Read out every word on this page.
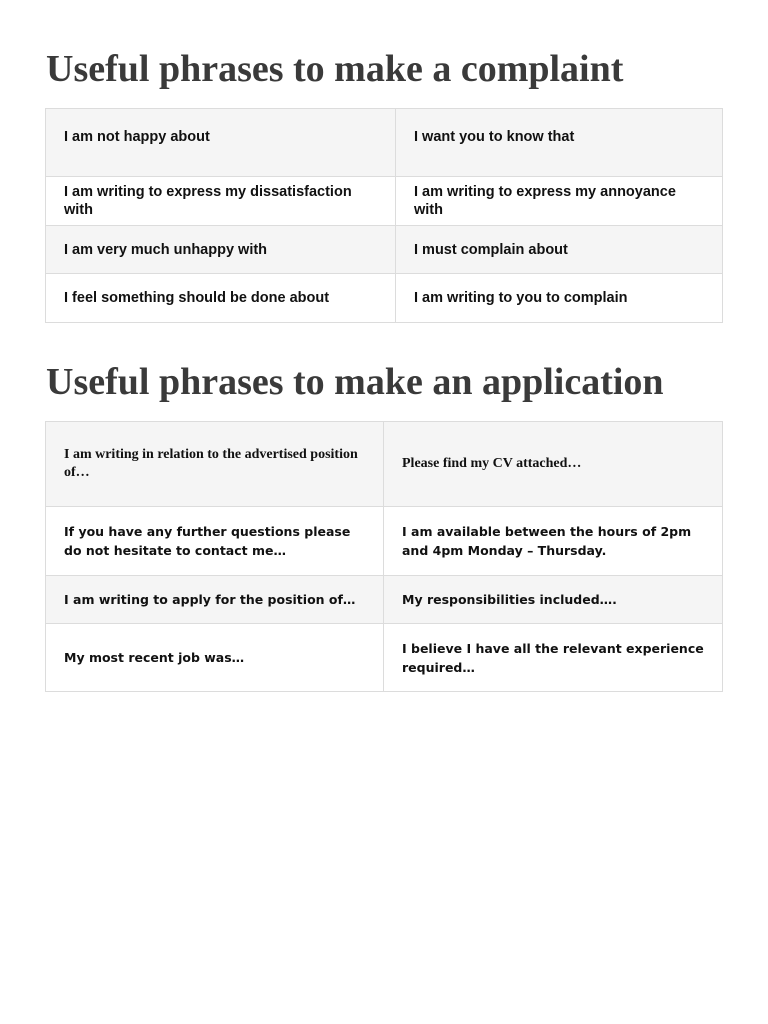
Useful phrases to make a complaint
I am not happy about	I want you to know that
I am writing to express my dissatisfaction with	I am writing to express my annoyance with
I am very much unhappy with	I must complain about
I feel something should be done about	I am writing to you to complain
Useful phrases to make an application
I am writing in relation to the advertised position of…	Please find my CV attached…
If you have any further questions please do not hesitate to contact me…	I am available between the hours of 2pm and 4pm Monday – Thursday.
I am writing to apply for the position of…	My responsibilities included….
My most recent job was…	I believe I have all the relevant experience required…
